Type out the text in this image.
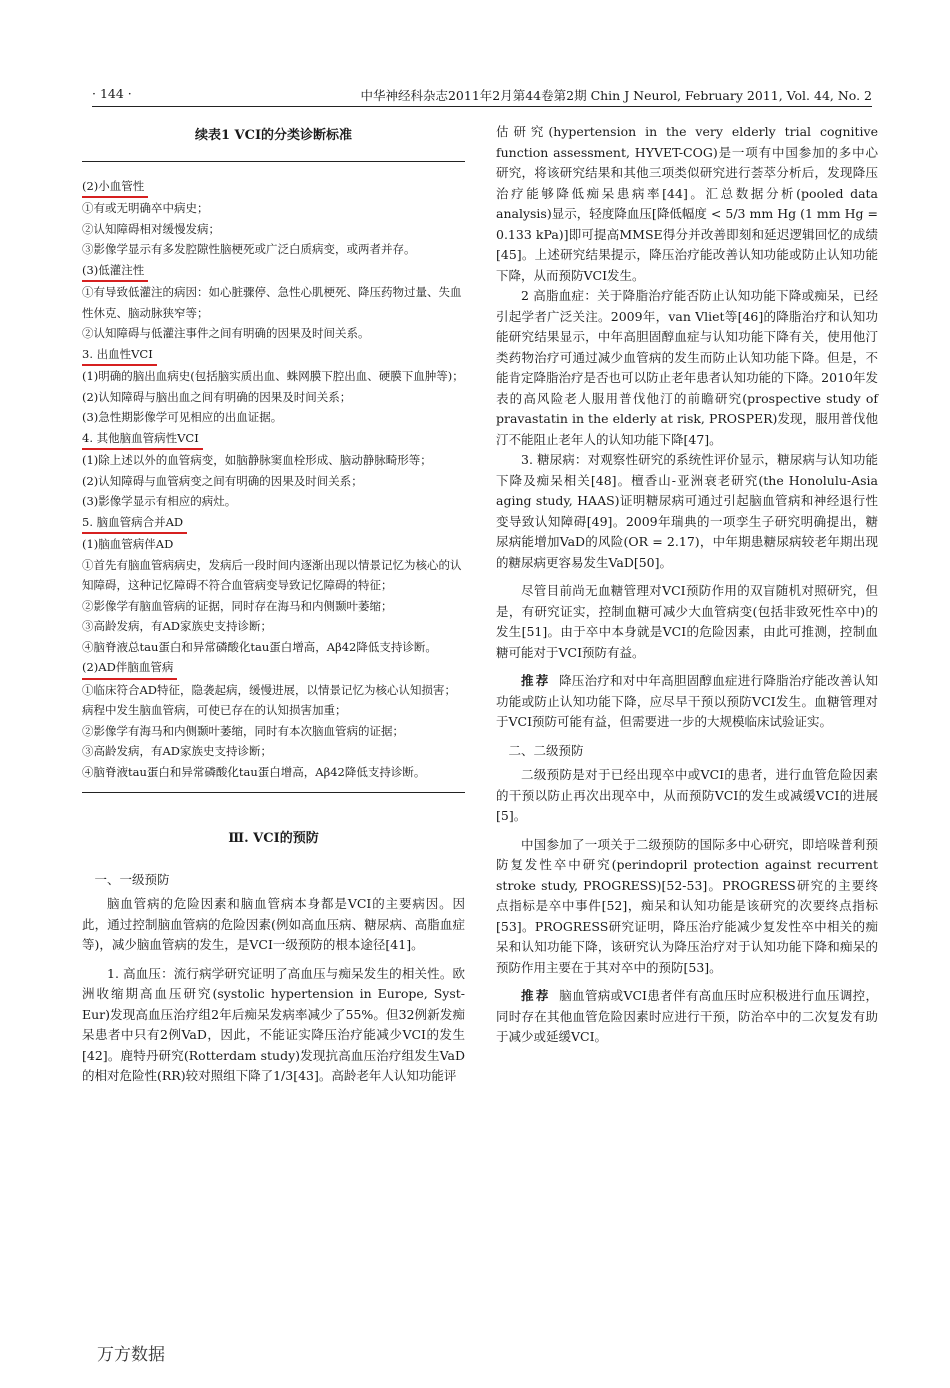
· 144 ·	中华神经科杂志2011年2月第44卷第2期 Chin J Neurol, February 2011, Vol. 44, No. 2
续表1 VCI的分类诊断标准

(2)小血管性

①有或无明确卒中病史；

②认知障碍相对缓慢发病；

③影像学显示有多发腔隙性脑梗死或广泛白质病变，或两者并存。

(3)低灌注性

①有导致低灌注的病因：如心脏骤停、急性心肌梗死、降压药物过量、失血性休克、脑动脉狭窄等；

②认知障碍与低灌注事件之间有明确的因果及时间关系。

3. 出血性VCI

(1)明确的脑出血病史(包括脑实质出血、蛛网膜下腔出血、硬膜下血肿等)；

(2)认知障碍与脑出血之间有明确的因果及时间关系；

(3)急性期影像学可见相应的出血证据。

4. 其他脑血管病性VCI

(1)除上述以外的血管病变，如脑静脉窦血栓形成、脑动静脉畸形等；

(2)认知障碍与血管病变之间有明确的因果及时间关系；

(3)影像学显示有相应的病灶。

5. 脑血管病合并AD

(1)脑血管病伴AD

①首先有脑血管病病史，发病后一段时间内逐渐出现以情景记忆为核心的认知障碍，这种记忆障碍不符合血管病变导致记忆障碍的特征；

②影像学有脑血管病的证据，同时存在海马和内侧颞叶萎缩；

③高龄发病，有AD家族史支持诊断；

④脑脊液总tau蛋白和异常磷酸化tau蛋白增高，Aβ42降低支持诊断。

(2)AD伴脑血管病

①临床符合AD特征，隐袭起病，缓慢进展，以情景记忆为核心认知损害；病程中发生脑血管病，可使已存在的认知损害加重；

②影像学有海马和内侧颞叶萎缩，同时有本次脑血管病的证据；

③高龄发病，有AD家族史支持诊断；

④脑脊液tau蛋白和异常磷酸化tau蛋白增高，Aβ42降低支持诊断。

Ⅲ. VCI的预防

一、一级预防

脑血管病的危险因素和脑血管病本身都是VCI的主要病因。因此，通过控制脑血管病的危险因素(例如高血压病、糖尿病、高脂血症等)，减少脑血管病的发生，是VCI一级预防的根本途径[41]。

1. 高血压：流行病学研究证明了高血压与痴呆发生的相关性。欧洲收缩期高血压研究(systolic hypertension in Europe, Syst-Eur)发现高血压治疗组2年后痴呆发病率减少了55%。但32例新发痴呆患者中只有2例VaD，因此，不能证实降压治疗能减少VCI的发生[42]。鹿特丹研究(Rotterdam study)发现抗高血压治疗组发生VaD的相对危险性(RR)较对照组下降了1/3[43]。高龄老年人认知功能评

估研究(hypertension in the very elderly trial cognitive function assessment, HYVET-COG)是一项有中国参加的多中心研究，将该研究结果和其他三项类似研究进行荟萃分析后，发现降压治疗能够降低痴呆患病率[44]。汇总数据分析(pooled data analysis)显示，轻度降血压[降低幅度 < 5/3 mm Hg (1 mm Hg = 0.133 kPa)]即可提高MMSE得分并改善即刻和延迟逻辑回忆的成绩[45]。上述研究结果提示，降压治疗能改善认知功能或防止认知功能下降，从而预防VCI发生。

2 高脂血症：关于降脂治疗能否防止认知功能下降或痴呆，已经引起学者广泛关注。2009年，van Vliet等[46]的降脂治疗和认知功能研究结果显示，中年高胆固醇血症与认知功能下降有关，使用他汀类药物治疗可通过减少血管病的发生而防止认知功能下降。但是，不能肯定降脂治疗是否也可以防止老年患者认知功能的下降。2010年发表的高风险老人服用普伐他汀的前瞻研究(prospective study of pravastatin in the elderly at risk, PROSPER)发现，服用普伐他汀不能阻止老年人的认知功能下降[47]。

3. 糖尿病：对观察性研究的系统性评价显示，糖尿病与认知功能下降及痴呆相关[48]。檀香山-亚洲衰老研究(the Honolulu-Asia aging study, HAAS)证明糖尿病可通过引起脑血管病和神经退行性变导致认知障碍[49]。2009年瑞典的一项孪生子研究明确提出，糖尿病能增加VaD的风险(OR = 2.17)，中年期患糖尿病较老年期出现的糖尿病更容易发生VaD[50]。

尽管目前尚无血糖管理对VCI预防作用的双盲随机对照研究，但是，有研究证实，控制血糖可减少大血管病变(包括非致死性卒中)的发生[51]。由于卒中本身就是VCI的危险因素，由此可推测，控制血糖可能对于VCI预防有益。

推荐 降压治疗和对中年高胆固醇血症进行降脂治疗能改善认知功能或防止认知功能下降，应尽早干预以预防VCI发生。血糖管理对于VCI预防可能有益，但需要进一步的大规模临床试验证实。

二、二级预防

二级预防是对于已经出现卒中或VCI的患者，进行血管危险因素的干预以防止再次出现卒中，从而预防VCI的发生或减缓VCI的进展[5]。

中国参加了一项关于二级预防的国际多中心研究，即培哚普利预防复发性卒中研究(perindopril protection against recurrent stroke study, PROGRESS)[52-53]。PROGRESS研究的主要终点指标是卒中事件[52]，痴呆和认知功能是该研究的次要终点指标[53]。PROGRESS研究证明，降压治疗能减少复发性卒中相关的痴呆和认知功能下降，该研究认为降压治疗对于认知功能下降和痴呆的预防作用主要在于其对卒中的预防[53]。

推荐 脑血管病或VCI患者伴有高血压时应积极进行血压调控，同时存在其他血管危险因素时应进行干预，防治卒中的二次复发有助于减少或延缓VCI。

万方数据
